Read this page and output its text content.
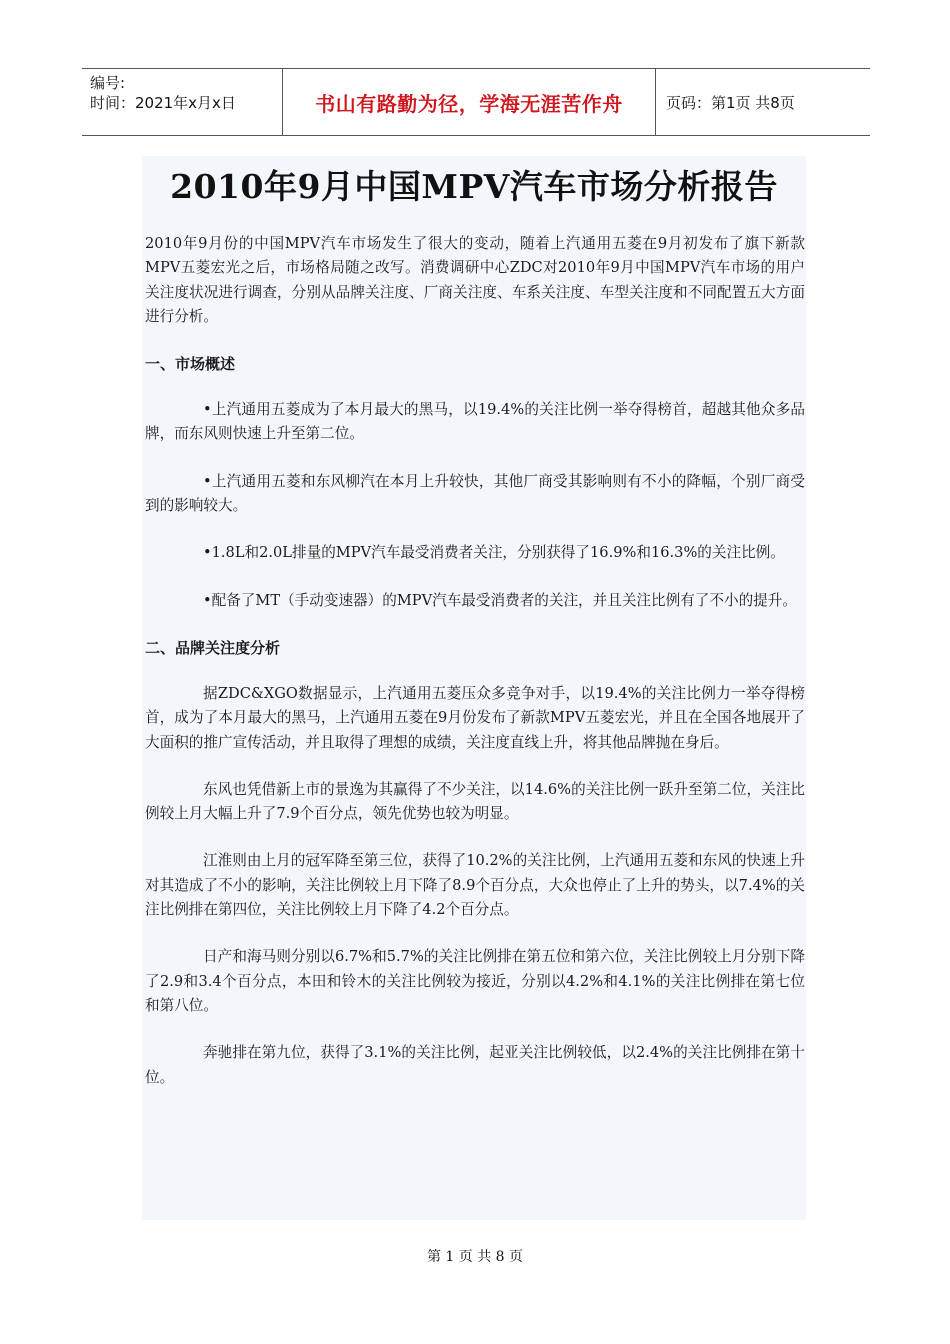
编号:
时间：2021年x月x日	书山有路勤为径，学海无涯苦作舟	页码：第1页 共8页
2010年9月中国MPV汽车市场分析报告

2010年9月份的中国MPV汽车市场发生了很大的变动，随着上汽通用五菱在9月初发布了旗下新款MPV五菱宏光之后，市场格局随之改写。消费调研中心ZDC对2010年9月中国MPV汽车市场的用户关注度状况进行调查，分别从品牌关注度、厂商关注度、车系关注度、车型关注度和不同配置五大方面进行分析。

一、市场概述

•上汽通用五菱成为了本月最大的黑马，以19.4%的关注比例一举夺得榜首，超越其他众多品牌，而东风则快速上升至第二位。

•上汽通用五菱和东风柳汽在本月上升较快，其他厂商受其影响则有不小的降幅，个别厂商受到的影响较大。

•1.8L和2.0L排量的MPV汽车最受消费者关注，分别获得了16.9%和16.3%的关注比例。

•配备了MT（手动变速器）的MPV汽车最受消费者的关注，并且关注比例有了不小的提升。

二、品牌关注度分析

据ZDC&XGO数据显示，上汽通用五菱压众多竞争对手，以19.4%的关注比例力一举夺得榜首，成为了本月最大的黑马，上汽通用五菱在9月份发布了新款MPV五菱宏光，并且在全国各地展开了大面积的推广宣传活动，并且取得了理想的成绩，关注度直线上升，将其他品牌抛在身后。

东风也凭借新上市的景逸为其赢得了不少关注，以14.6%的关注比例一跃升至第二位，关注比例较上月大幅上升了7.9个百分点，领先优势也较为明显。

江淮则由上月的冠军降至第三位，获得了10.2%的关注比例，上汽通用五菱和东风的快速上升对其造成了不小的影响，关注比例较上月下降了8.9个百分点，大众也停止了上升的势头，以7.4%的关注比例排在第四位，关注比例较上月下降了4.2个百分点。

日产和海马则分别以6.7%和5.7%的关注比例排在第五位和第六位，关注比例较上月分别下降了2.9和3.4个百分点，本田和铃木的关注比例较为接近，分别以4.2%和4.1%的关注比例排在第七位和第八位。

奔驰排在第九位，获得了3.1%的关注比例，起亚关注比例较低，以2.4%的关注比例排在第十位。

第 1 页 共 8 页
